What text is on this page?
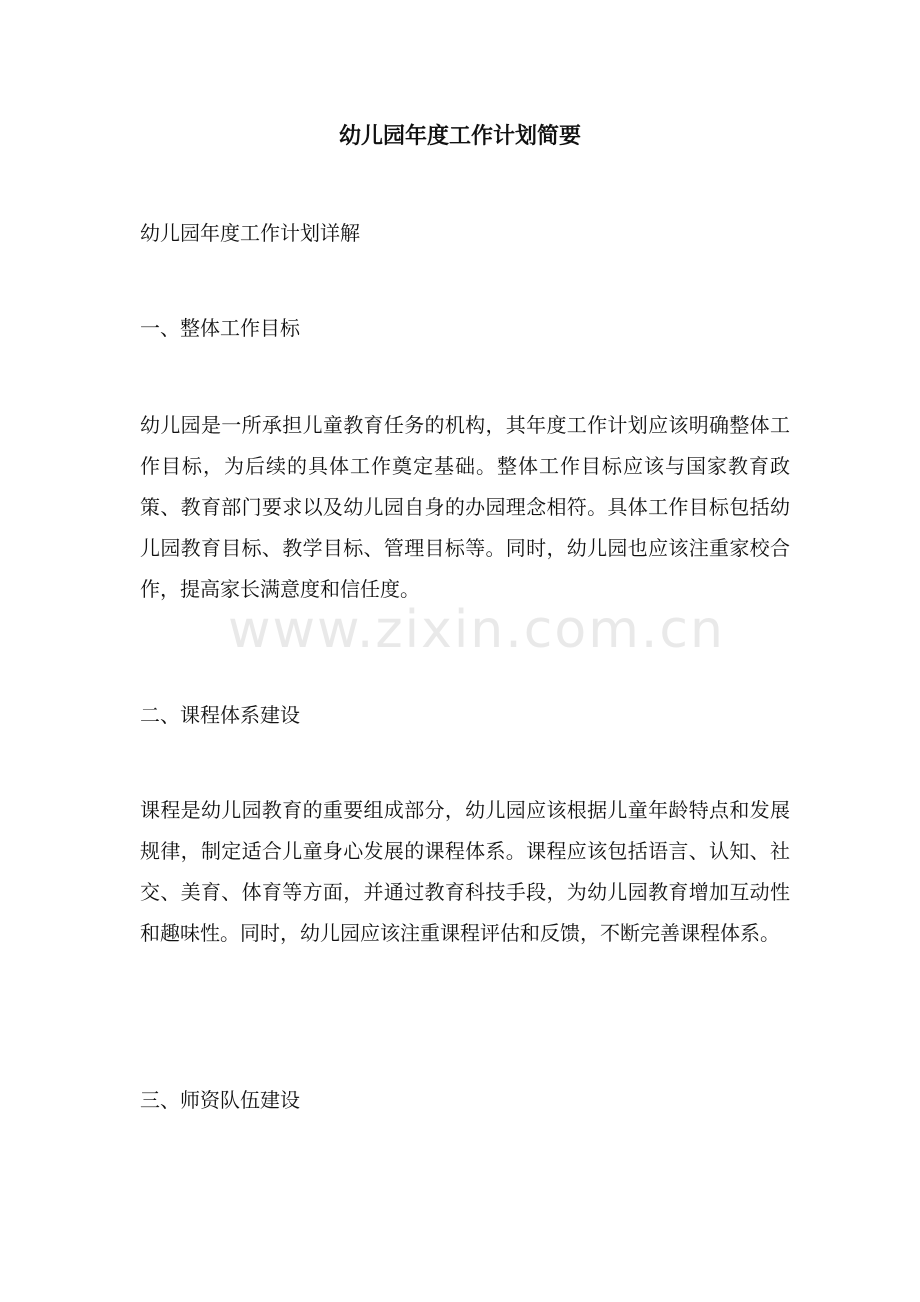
幼儿园年度工作计划简要

幼儿园年度工作计划详解

一、整体工作目标

幼儿园是一所承担儿童教育任务的机构，其年度工作计划应该明确整体工作目标，为后续的具体工作奠定基础。整体工作目标应该与国家教育政策、教育部门要求以及幼儿园自身的办园理念相符。具体工作目标包括幼儿园教育目标、教学目标、管理目标等。同时，幼儿园也应该注重家校合作，提高家长满意度和信任度。

二、课程体系建设

课程是幼儿园教育的重要组成部分，幼儿园应该根据儿童年龄特点和发展规律，制定适合儿童身心发展的课程体系。课程应该包括语言、认知、社交、美育、体育等方面，并通过教育科技手段，为幼儿园教育增加互动性和趣味性。同时，幼儿园应该注重课程评估和反馈，不断完善课程体系。

三、师资队伍建设

www.zixin.com.cn
